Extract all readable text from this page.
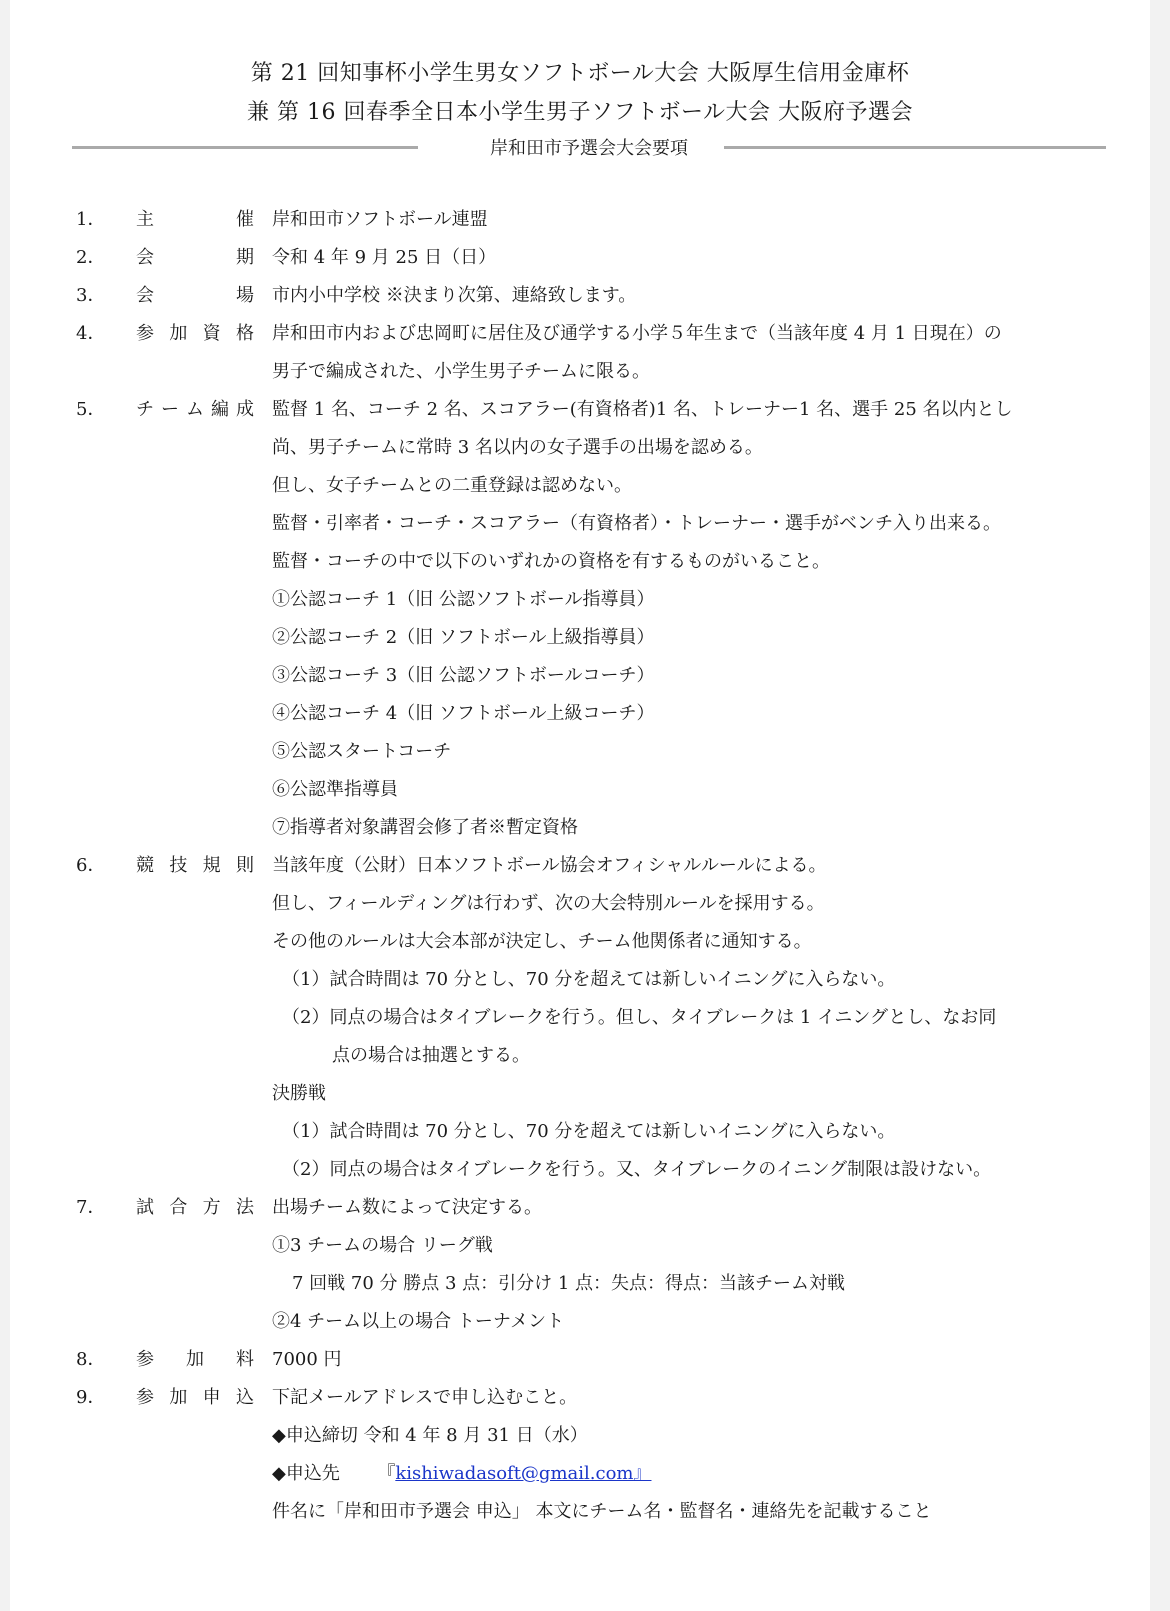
第 21 回知事杯小学生男女ソフトボール大会 大阪厚生信用金庫杯
兼 第 16 回春季全日本小学生男子ソフトボール大会 大阪府予選会
岸和田市予選会大会要項
1．	主催 岸和田市ソフトボール連盟
2．	会期 令和 4 年 9 月 25 日（日）
3．	会場 市内小中学校 ※決まり次第、連絡致します。
4．	参加資格 岸和田市内および忠岡町に居住及び通学する小学５年生まで（当該年度 4 月 1 日現在）の
男子で編成された、小学生男子チームに限る。
5．	チーム編成 監督 1 名、コーチ 2 名、スコアラー(有資格者)1 名、トレーナー1 名、選手 25 名以内とし
尚、男子チームに常時 3 名以内の女子選手の出場を認める。
但し、女子チームとの二重登録は認めない。
監督・引率者・コーチ・スコアラー（有資格者）・トレーナー・選手がベンチ入り出来る。
監督・コーチの中で以下のいずれかの資格を有するものがいること。
①公認コーチ 1（旧 公認ソフトボール指導員）
②公認コーチ 2（旧 ソフトボール上級指導員）
③公認コーチ 3（旧 公認ソフトボールコーチ）
④公認コーチ 4（旧 ソフトボール上級コーチ）
⑤公認スタートコーチ
⑥公認準指導員
⑦指導者対象講習会修了者※暫定資格
6．	競技規則 当該年度（公財）日本ソフトボール協会オフィシャルルールによる。
但し、フィールディングは行わず、次の大会特別ルールを採用する。
その他のルールは大会本部が決定し、チーム他関係者に通知する。
（1）試合時間は 70 分とし、70 分を超えては新しいイニングに入らない。
（2）同点の場合はタイブレークを行う。但し、タイブレークは 1 イニングとし、なお同
点の場合は抽選とする。
決勝戦
（1）試合時間は 70 分とし、70 分を超えては新しいイニングに入らない。
（2）同点の場合はタイブレークを行う。又、タイブレークのイニング制限は設けない。
7．	試合方法 出場チーム数によって決定する。
①3 チームの場合 リーグ戦
7 回戦 70 分 勝点 3 点：引分け 1 点：失点：得点：当該チーム対戦
②4 チーム以上の場合 トーナメント
8．	参加料 7000 円
9．	参加申込 下記メールアドレスで申し込むこと。
◆申込締切 令和 4 年 8 月 31 日（水）
◆申込先 『kishiwadasoft@gmail.com』
件名に「岸和田市予選会 申込」 本文にチーム名・監督名・連絡先を記載すること
